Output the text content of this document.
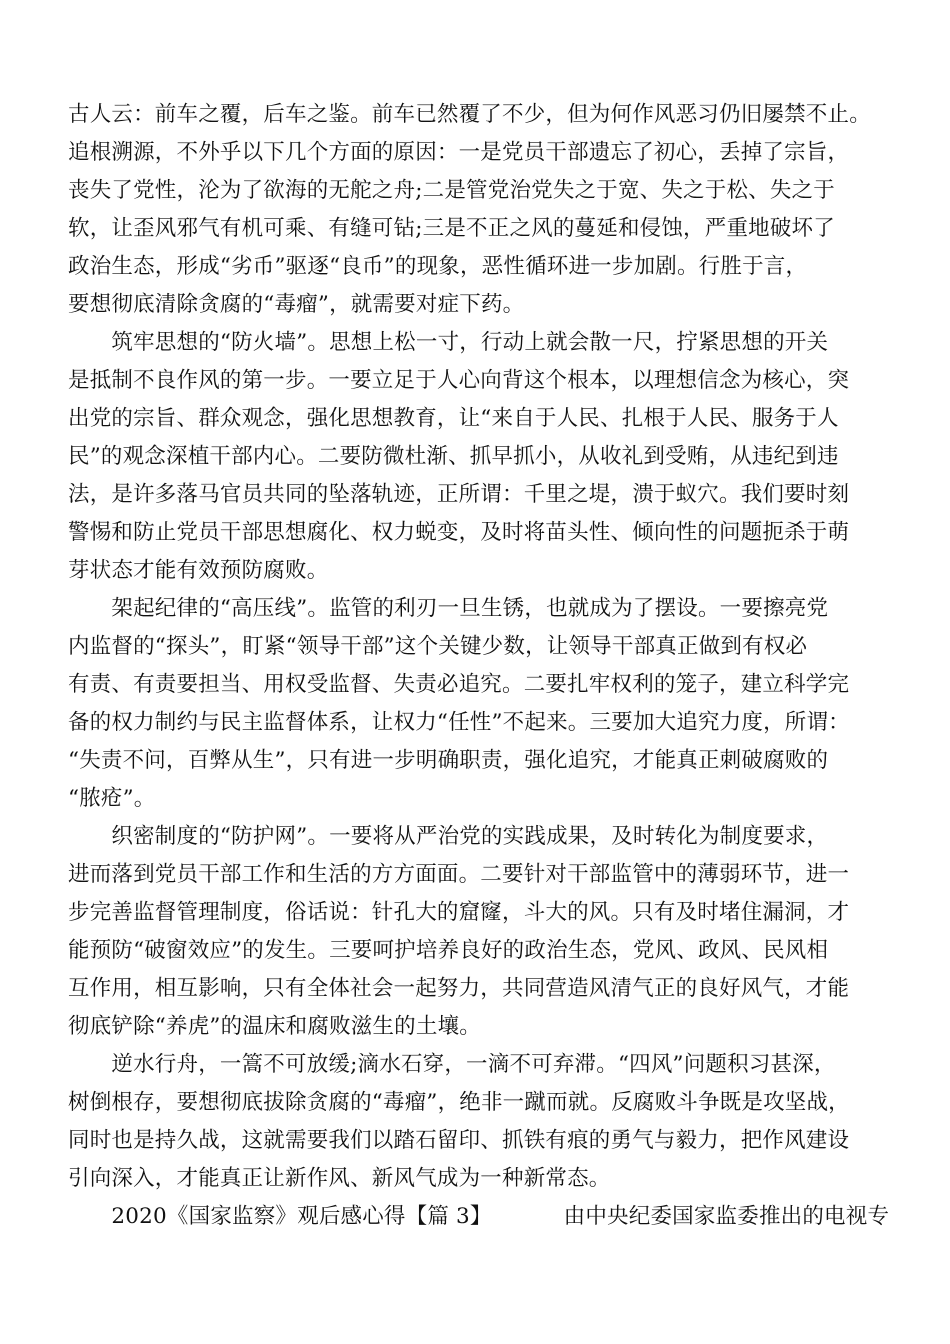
古人云：前车之覆，后车之鉴。前车已然覆了不少，但为何作风恶习仍旧屡禁不止。
追根溯源，不外乎以下几个方面的原因：一是党员干部遗忘了初心，丢掉了宗旨，
丧失了党性，沦为了欲海的无舵之舟;二是管党治党失之于宽、失之于松、失之于
软，让歪风邪气有机可乘、有缝可钻;三是不正之风的蔓延和侵蚀，严重地破坏了
政治生态，形成“劣币”驱逐“良币”的现象，恶性循环进一步加剧。行胜于言，
要想彻底清除贪腐的“毒瘤”，就需要对症下药。
　　筑牢思想的“防火墙”。思想上松一寸，行动上就会散一尺，拧紧思想的开关
是抵制不良作风的第一步。一要立足于人心向背这个根本，以理想信念为核心，突
出党的宗旨、群众观念，强化思想教育，让“来自于人民、扎根于人民、服务于人
民”的观念深植干部内心。二要防微杜渐、抓早抓小，从收礼到受贿，从违纪到违
法，是许多落马官员共同的坠落轨迹，正所谓：千里之堤，溃于蚁穴。我们要时刻
警惕和防止党员干部思想腐化、权力蜕变，及时将苗头性、倾向性的问题扼杀于萌
芽状态才能有效预防腐败。
　　架起纪律的“高压线”。监管的利刃一旦生锈，也就成为了摆设。一要擦亮党
内监督的“探头”，盯紧“领导干部”这个关键少数，让领导干部真正做到有权必
有责、有责要担当、用权受监督、失责必追究。二要扎牢权利的笼子，建立科学完
备的权力制约与民主监督体系，让权力“任性”不起来。三要加大追究力度，所谓：
“失责不问，百弊从生”，只有进一步明确职责，强化追究，才能真正刺破腐败的
“脓疮”。
　　织密制度的“防护网”。一要将从严治党的实践成果，及时转化为制度要求，
进而落到党员干部工作和生活的方方面面。二要针对干部监管中的薄弱环节，进一
步完善监督管理制度，俗话说：针孔大的窟窿，斗大的风。只有及时堵住漏洞，才
能预防“破窗效应”的发生。三要呵护培养良好的政治生态，党风、政风、民风相
互作用，相互影响，只有全体社会一起努力，共同营造风清气正的良好风气，才能
彻底铲除“养虎”的温床和腐败滋生的土壤。
　　逆水行舟，一篙不可放缓;滴水石穿，一滴不可弃滞。“四风”问题积习甚深，
树倒根存，要想彻底拔除贪腐的“毒瘤”，绝非一蹴而就。反腐败斗争既是攻坚战，
同时也是持久战，这就需要我们以踏石留印、抓铁有痕的勇气与毅力，把作风建设
引向深入，才能真正让新作风、新风气成为一种新常态。
　　2020《国家监察》观后感心得【篇 3】	由中央纪委国家监委推出的电视专
